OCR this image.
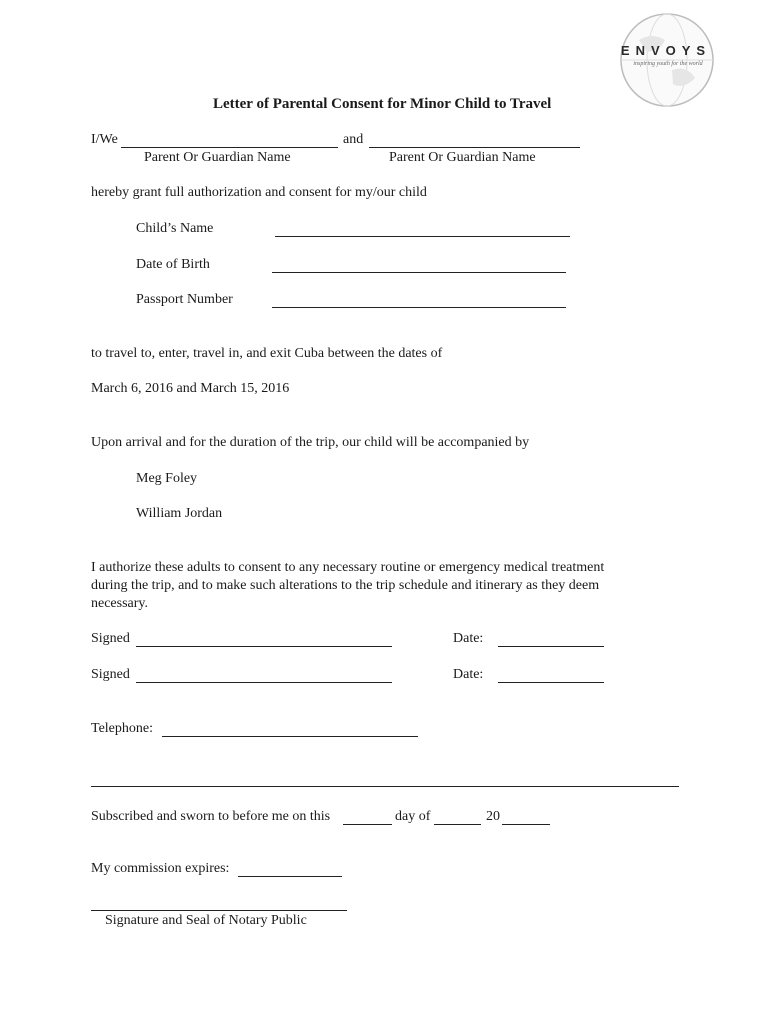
ENVOYS
inspiring youth for the world
Letter of Parental Consent for Minor Child to Travel
I/We	and
Parent Or Guardian Name	Parent Or Guardian Name
hereby grant full authorization and consent for my/our child
Child’s Name
Date of Birth
Passport Number
to travel to, enter, travel in, and exit Cuba between the dates of
March 6, 2016 and March 15, 2016
Upon arrival and for the duration of the trip, our child will be accompanied by
Meg Foley
William Jordan
I authorize these adults to consent to any necessary routine or emergency medical treatment
during the trip, and to make such alterations to the trip schedule and itinerary as they deem
necessary.
Signed	Date:
Signed	Date:
Telephone:
Subscribed and sworn to before me on this	day of	20
My commission expires:
Signature and Seal of Notary Public
